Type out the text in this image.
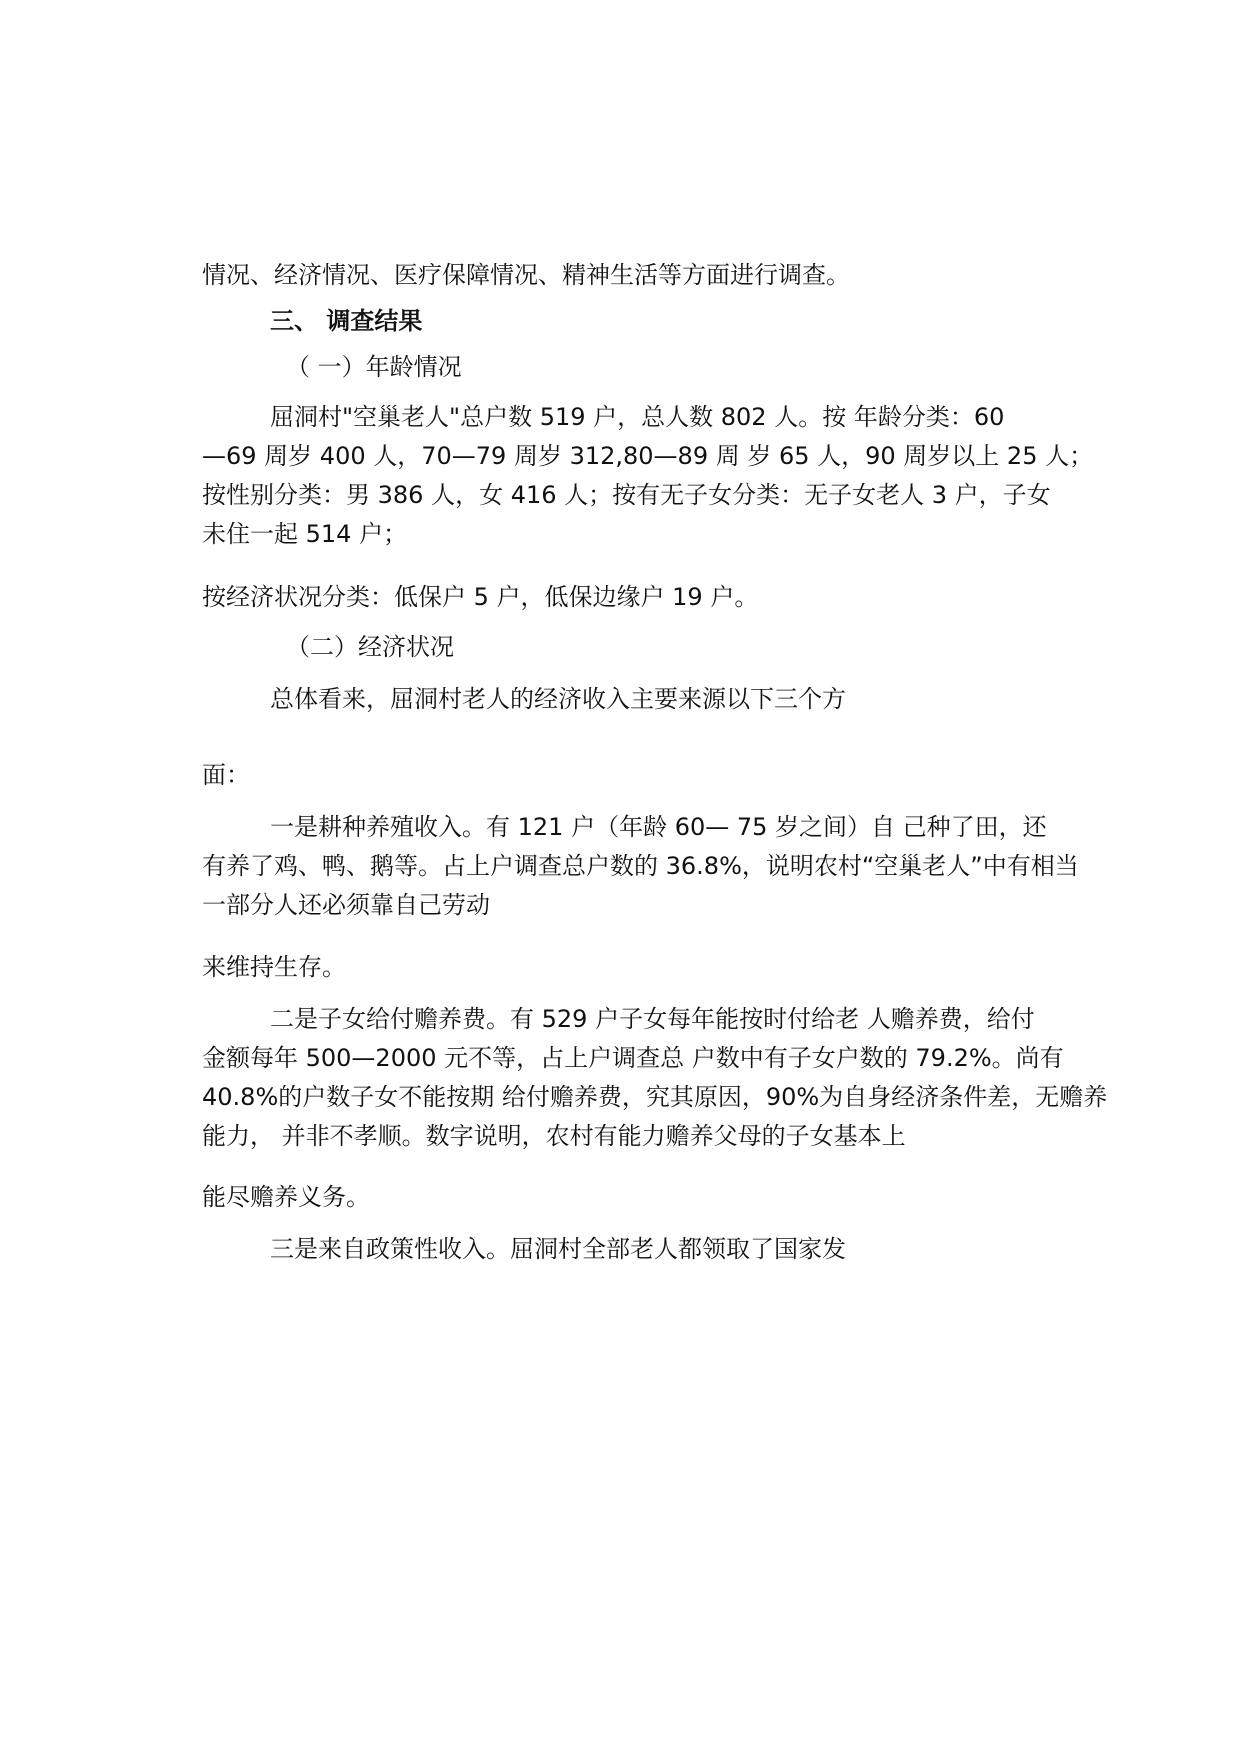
情况、经济情况、医疗保障情况、精神生活等方面进行调查。
三、 调查结果
（ 一）年龄情况
屈洞村"空巢老人"总户数 519 户，总人数 802 人。按 年龄分类：60
—69 周岁 400 人，70—79 周岁 312,80—89 周 岁 65 人，90 周岁以上 25 人；
按性别分类：男 386 人，女 416 人；按有无子女分类：无子女老人 3 户，子女
未住一起 514 户；
按经济状况分类：低保户 5 户，低保边缘户 19 户。
（二）经济状况
总体看来，屈洞村老人的经济收入主要来源以下三个方
面：
一是耕种养殖收入。有 121 户（年龄 60— 75 岁之间）自 己种了田，还
有养了鸡、鸭、鹅等。占上户调查总户数的 36.8%，说明农村“空巢老人”中有相当
一部分人还必须靠自己劳动
来维持生存。
二是子女给付赡养费。有 529 户子女每年能按时付给老 人赡养费，给付
金额每年 500—2000 元不等，占上户调查总 户数中有子女户数的 79.2%。尚有
40.8%的户数子女不能按期 给付赡养费，究其原因，90%为自身经济条件差，无赡养
能力， 并非不孝顺。数字说明，农村有能力赡养父母的子女基本上
能尽赡养义务。
三是来自政策性收入。屈洞村全部老人都领取了国家发
